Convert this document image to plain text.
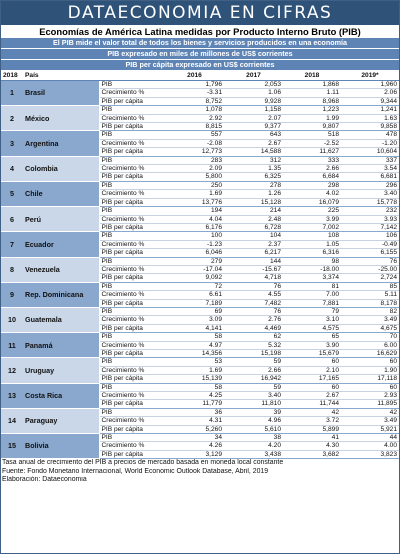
DATAECONOMIA EN CIFRAS
Economías de América Latina medidas por Producto Interno Bruto (PIB)
El PIB mide el valor total de todos los bienes y servicios producidos en una economía
PIB expresado en miles de millones de US$ corrientes
PIB per cápita expresado en US$ corrientes
2018	País		2016	2017	2018	2019*
1	Brasil	PIB	1,796	2,053	1,868	1,960
		Crecimiento %	-3.31	1.06	1.11	2.06
		PIB per cápita	8,752	9,928	8,968	9,344
2	México	PIB	1,078	1,158	1,223	1,241
		Crecimiento %	2.92	2.07	1.99	1.63
		PIB per cápita	8,815	9,377	9,807	9,858
3	Argentina	PIB	557	643	518	478
		Crecimiento %	-2.08	2.67	-2.52	-1.20
		PIB per cápita	12,773	14,588	11,627	10,604
4	Colombia	PIB	283	312	333	337
		Crecimiento %	2.09	1.35	2.66	3.54
		PIB per cápita	5,800	6,325	6,684	6,681
5	Chile	PIB	250	278	298	296
		Crecimiento %	1.69	1.26	4.02	3.40
		PIB per cápita	13,776	15,128	16,079	15,778
6	Perú	PIB	194	214	225	232
		Crecimiento %	4.04	2.48	3.99	3.93
		PIB per cápita	6,176	6,728	7,002	7,142
7	Ecuador	PIB	100	104	108	106
		Crecimiento %	-1.23	2.37	1.05	-0.49
		PIB per cápita	6,046	6,217	6,316	6,155
8	Venezuela	PIB	279	144	98	76
		Crecimiento %	-17.04	-15.67	-18.00	-25.00
		PIB per cápita	9,092	4,718	3,374	2,724
9	Rep. Dominicana	PIB	72	76	81	85
		Crecimiento %	6.61	4.55	7.00	5.11
		PIB per cápita	7,189	7,482	7,881	8,178
10	Guatemala	PIB	69	76	79	82
		Crecimiento %	3.09	2.76	3.10	3.49
		PIB per cápita	4,141	4,469	4,575	4,675
11	Panamá	PIB	58	62	65	70
		Crecimiento %	4.97	5.32	3.90	6.00
		PIB per cápita	14,356	15,198	15,679	16,629
12	Uruguay	PIB	53	59	60	60
		Crecimiento %	1.69	2.66	2.10	1.90
		PIB per cápita	15,139	16,942	17,165	17,118
13	Costa Rica	PIB	58	59	60	60
		Crecimiento %	4.25	3.40	2.67	2.93
		PIB per cápita	11,779	11,810	11,744	11,895
14	Paraguay	PIB	36	39	42	42
		Crecimiento %	4.31	4.96	3.72	3.49
		PIB per cápita	5,260	5,610	5,899	5,921
15	Bolivia	PIB	34	38	41	44
		Crecimiento %	4.26	4.20	4.30	4.00
		PIB per cápita	3,129	3,438	3,682	3,823
Tasa anual de crecimiento del PIB a precios de mercado basada en moneda local constante
Fuente: Fondo Monetario Internacional, World Economic Outlook Database, Abril, 2019
Elaboración: Dataeconomia
